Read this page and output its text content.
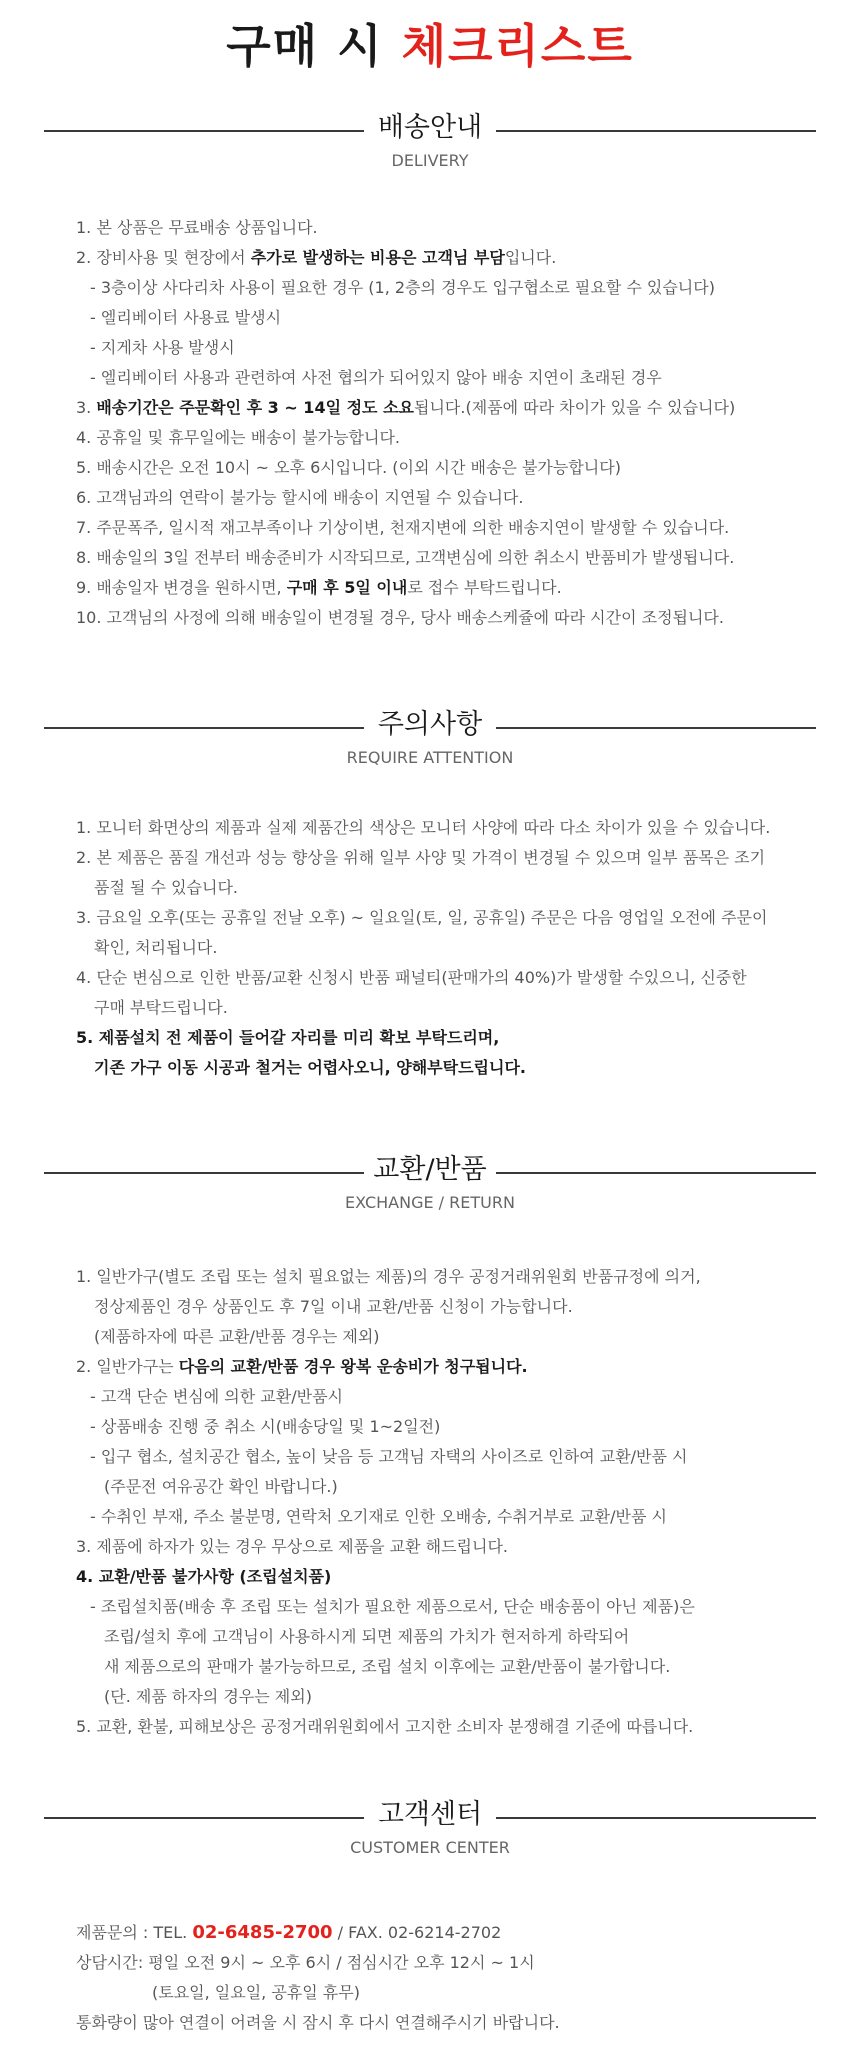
구매 시 체크리스트
배송안내
DELIVERY
1. 본 상품은 무료배송 상품입니다.
2. 장비사용 및 현장에서 추가로 발생하는 비용은 고객님 부담입니다.
- 3층이상 사다리차 사용이 필요한 경우 (1, 2층의 경우도 입구협소로 필요할 수 있습니다)
- 엘리베이터 사용료 발생시
- 지게차 사용 발생시
- 엘리베이터 사용과 관련하여 사전 협의가 되어있지 않아 배송 지연이 초래된 경우
3. 배송기간은 주문확인 후 3 ~ 14일 정도 소요됩니다.(제품에 따라 차이가 있을 수 있습니다)
4. 공휴일 및 휴무일에는 배송이 불가능합니다.
5. 배송시간은 오전 10시 ~ 오후 6시입니다. (이외 시간 배송은 불가능합니다)
6. 고객님과의 연락이 불가능 할시에 배송이 지연될 수 있습니다.
7. 주문폭주, 일시적 재고부족이나 기상이변, 천재지변에 의한 배송지연이 발생할 수 있습니다.
8. 배송일의 3일 전부터 배송준비가 시작되므로, 고객변심에 의한 취소시 반품비가 발생됩니다.
9. 배송일자 변경을 원하시면, 구매 후 5일 이내로 접수 부탁드립니다.
10. 고객님의 사정에 의해 배송일이 변경될 경우, 당사 배송스케쥴에 따라 시간이 조정됩니다.
주의사항
REQUIRE ATTENTION
1. 모니터 화면상의 제품과 실제 제품간의 색상은 모니터 사양에 따라 다소 차이가 있을 수 있습니다.
2. 본 제품은 품질 개선과 성능 향상을 위해 일부 사양 및 가격이 변경될 수 있으며 일부 품목은 조기
품절 될 수 있습니다.
3. 금요일 오후(또는 공휴일 전날 오후) ~ 일요일(토, 일, 공휴일) 주문은 다음 영업일 오전에 주문이
확인, 처리됩니다.
4. 단순 변심으로 인한 반품/교환 신청시 반품 패널티(판매가의 40%)가 발생할 수있으니, 신중한
구매 부탁드립니다.
5. 제품설치 전 제품이 들어갈 자리를 미리 확보 부탁드리며,
기존 가구 이동 시공과 철거는 어렵사오니, 양해부탁드립니다.
교환/반품
EXCHANGE / RETURN
1. 일반가구(별도 조립 또는 설치 필요없는 제품)의 경우 공정거래위원회 반품규정에 의거,
정상제품인 경우 상품인도 후 7일 이내 교환/반품 신청이 가능합니다.
(제품하자에 따른 교환/반품 경우는 제외)
2. 일반가구는 다음의 교환/반품 경우 왕복 운송비가 청구됩니다.
- 고객 단순 변심에 의한 교환/반품시
- 상품배송 진행 중 취소 시(배송당일 및 1~2일전)
- 입구 협소, 설치공간 협소, 높이 낮음 등 고객님 자택의 사이즈로 인하여 교환/반품 시
(주문전 여유공간 확인 바랍니다.)
- 수취인 부재, 주소 불분명, 연락처 오기재로 인한 오배송, 수취거부로 교환/반품 시
3. 제품에 하자가 있는 경우 무상으로 제품을 교환 해드립니다.
4. 교환/반품 불가사항 (조립설치품)
- 조립설치품(배송 후 조립 또는 설치가 필요한 제품으로서, 단순 배송품이 아닌 제품)은
조립/설치 후에 고객님이 사용하시게 되면 제품의 가치가 현저하게 하락되어
새 제품으로의 판매가 불가능하므로, 조립 설치 이후에는 교환/반품이 불가합니다.
(단. 제품 하자의 경우는 제외)
5. 교환, 환불, 피해보상은 공정거래위원회에서 고지한 소비자 분쟁해결 기준에 따릅니다.
고객센터
CUSTOMER CENTER
제품문의 : TEL. 02-6485-2700 / FAX. 02-6214-2702
상담시간: 평일 오전 9시 ~ 오후 6시 / 점심시간 오후 12시 ~ 1시
(토요일, 일요일, 공휴일 휴무)
통화량이 많아 연결이 어려울 시 잠시 후 다시 연결해주시기 바랍니다.
